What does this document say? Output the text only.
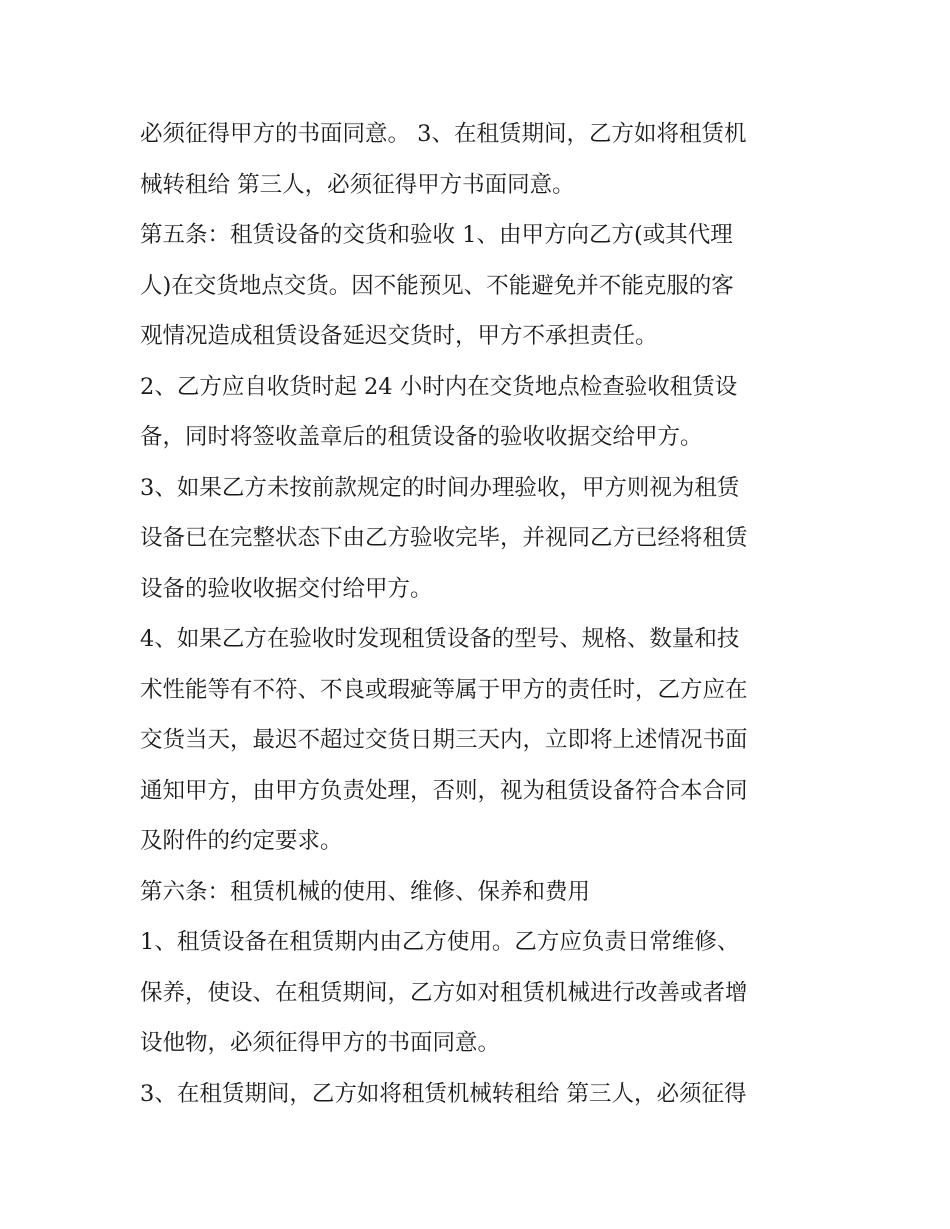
必须征得甲方的书面同意。 3、在租赁期间，乙方如将租赁机
械转租给 第三人，必须征得甲方书面同意。
第五条：租赁设备的交货和验收 1、由甲方向乙方(或其代理
人)在交货地点交货。因不能预见、不能避免并不能克服的客
观情况造成租赁设备延迟交货时，甲方不承担责任。
2、乙方应自收货时起 24 小时内在交货地点检查验收租赁设
备，同时将签收盖章后的租赁设备的验收收据交给甲方。
3、如果乙方未按前款规定的时间办理验收，甲方则视为租赁
设备已在完整状态下由乙方验收完毕，并视同乙方已经将租赁
设备的验收收据交付给甲方。
4、如果乙方在验收时发现租赁设备的型号、规格、数量和技
术性能等有不符、不良或瑕疵等属于甲方的责任时，乙方应在
交货当天，最迟不超过交货日期三天内，立即将上述情况书面
通知甲方，由甲方负责处理，否则，视为租赁设备符合本合同
及附件的约定要求。
第六条：租赁机械的使用、维修、保养和费用
1、租赁设备在租赁期内由乙方使用。乙方应负责日常维修、
保养，使设、在租赁期间，乙方如对租赁机械进行改善或者增
设他物，必须征得甲方的书面同意。
3、在租赁期间，乙方如将租赁机械转租给 第三人，必须征得
